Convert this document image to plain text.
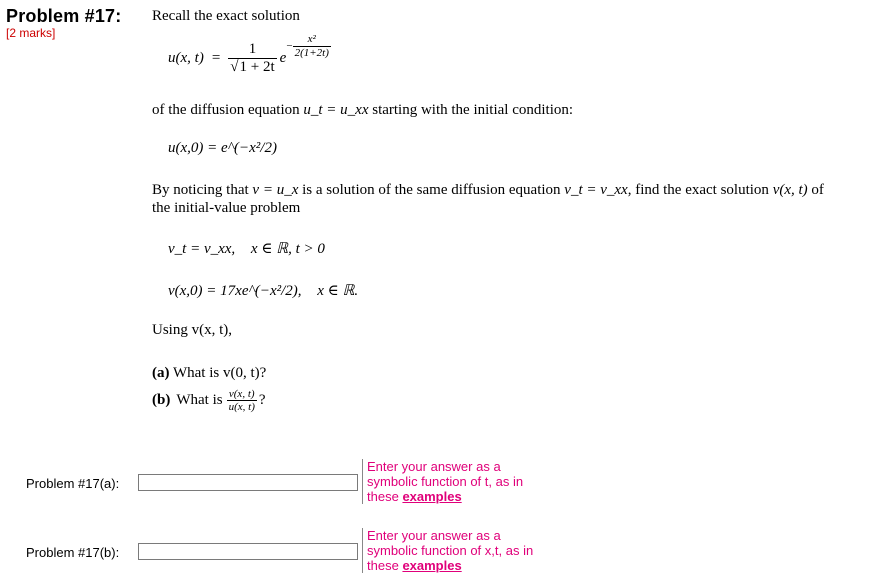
Problem #17: Recall the exact solution
[2 marks]
u(x, $t) = \frac{1}{√1 + 2t}$ e
− $\frac{\text{x²}}{2(1+2t)}$
of the diffusion equation u_t = u_xx starting with the initial condition:
u(x,0) = e^(−x²/2)
By noticing that v = u_x is a solution of the same diffusion equation v_t = v_xx, find the exact solution v(x, t) of
the initial-value problem
v_t = v_xx, x ∈ ℝ, t > 0
v(x,0) = 17xe^(−x²/2), x ∈ ℝ.
Using v(x, t),
(a) What is v(0, t)?
(b) What is $\frac{v(x, t)}{u(x, t)}$ ?
Problem #17(a):
Enter your answer as a
symbolic function of t, as in
these examples
Problem #17(b):
Enter your answer as a
symbolic function of x,t, as in
these examples
